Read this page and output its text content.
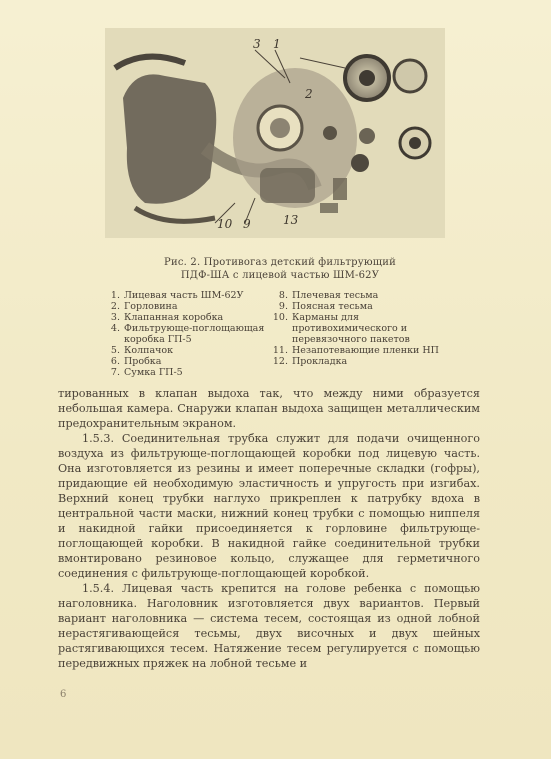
3 1
2
10 9	13
Рис. 2. Противогаз детский фильтрующий
ПДФ-ША с лицевой частью ШМ-62У
1. Лицевая часть ШМ-62У
2. Горловина
3. Клапанная коробка
4. Фильтрующе-поглощающая коробка ГП-5
5. Колпачок
6. Пробка
7. Сумка ГП-5
8. Плечевая тесьма
9. Поясная тесьма
10. Карманы для противохимического и перевязочного пакетов
11. Незапотевающие пленки НП
12. Прокладка

тированных в клапан выдоха так, что между ними образуется небольшая камера. Снаружи клапан выдоха защищен металлическим предохранительным экраном.

1.5.3. Соединительная трубка служит для подачи очищенного воздуха из фильтрующе-поглощающей коробки под лицевую часть. Она изготовляется из резины и имеет поперечные складки (гофры), придающие ей необходимую эластичность и упругость при изгибах. Верхний конец трубки наглухо прикреплен к патрубку вдоха в центральной части маски, нижний конец трубки с помощью ниппеля и накидной гайки присоединяется к горловине фильтрующе-поглощающей коробки. В накидной гайке соединительной трубки вмонтировано резиновое кольцо, служащее для герметичного соединения с фильтрующе-поглощающей коробкой.

1.5.4. Лицевая часть крепится на голове ребенка с помощью наголовника. Наголовник изготовляется двух вариантов. Первый вариант наголовника — система тесем, состоящая из одной лобной нерастягивающейся тесьмы, двух височных и двух шейных растягивающихся тесем. Натяжение тесем регулируется с помощью передвижных пряжек на лобной тесьме и

6
